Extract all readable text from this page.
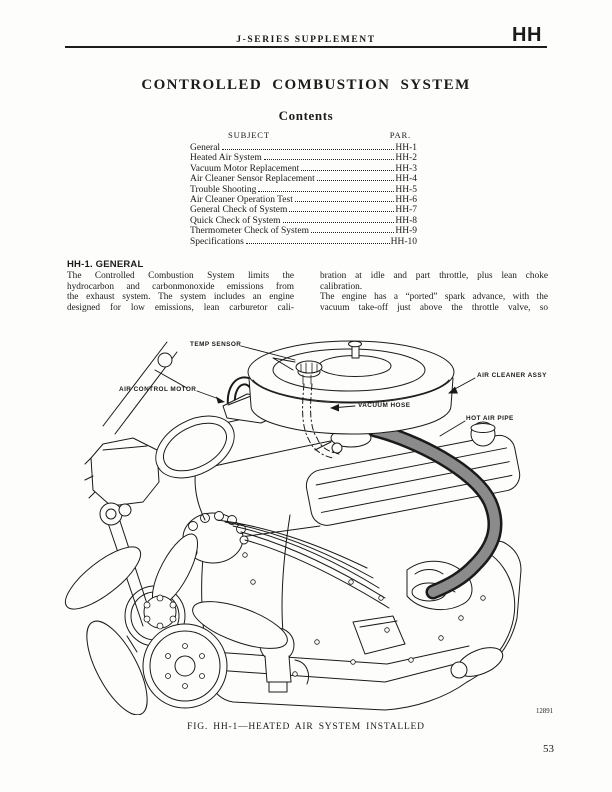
J-SERIES SUPPLEMENT	HH
CONTROLLED COMBUSTION SYSTEM
Contents
SUBJECT	PAR.
General	HH-1
Heated Air System	HH-2
Vacuum Motor Replacement	HH-3
Air Cleaner Sensor Replacement	HH-4
Trouble Shooting	HH-5
Air Cleaner Operation Test	HH-6
General Check of System	HH-7
Quick Check of System	HH-8
Thermometer Check of System	HH-9
Specifications	HH-10
HH-1. GENERAL
The Controlled Combustion System limits the
hydrocarbon and carbonmonoxide emissions from
the exhaust system. The system includes an engine
designed for low emissions, lean carburetor cali-
bration at idle and part throttle, plus lean choke
calibration.
The engine has a “ported” spark advance, with the
vacuum take-off just above the throttle valve, so
TEMP SENSOR
AIR CONTROL MOTOR
VACUUM HOSE
AIR CLEANER ASSY
HOT AIR PIPE
12891
FIG. HH-1—HEATED AIR SYSTEM INSTALLED
53
